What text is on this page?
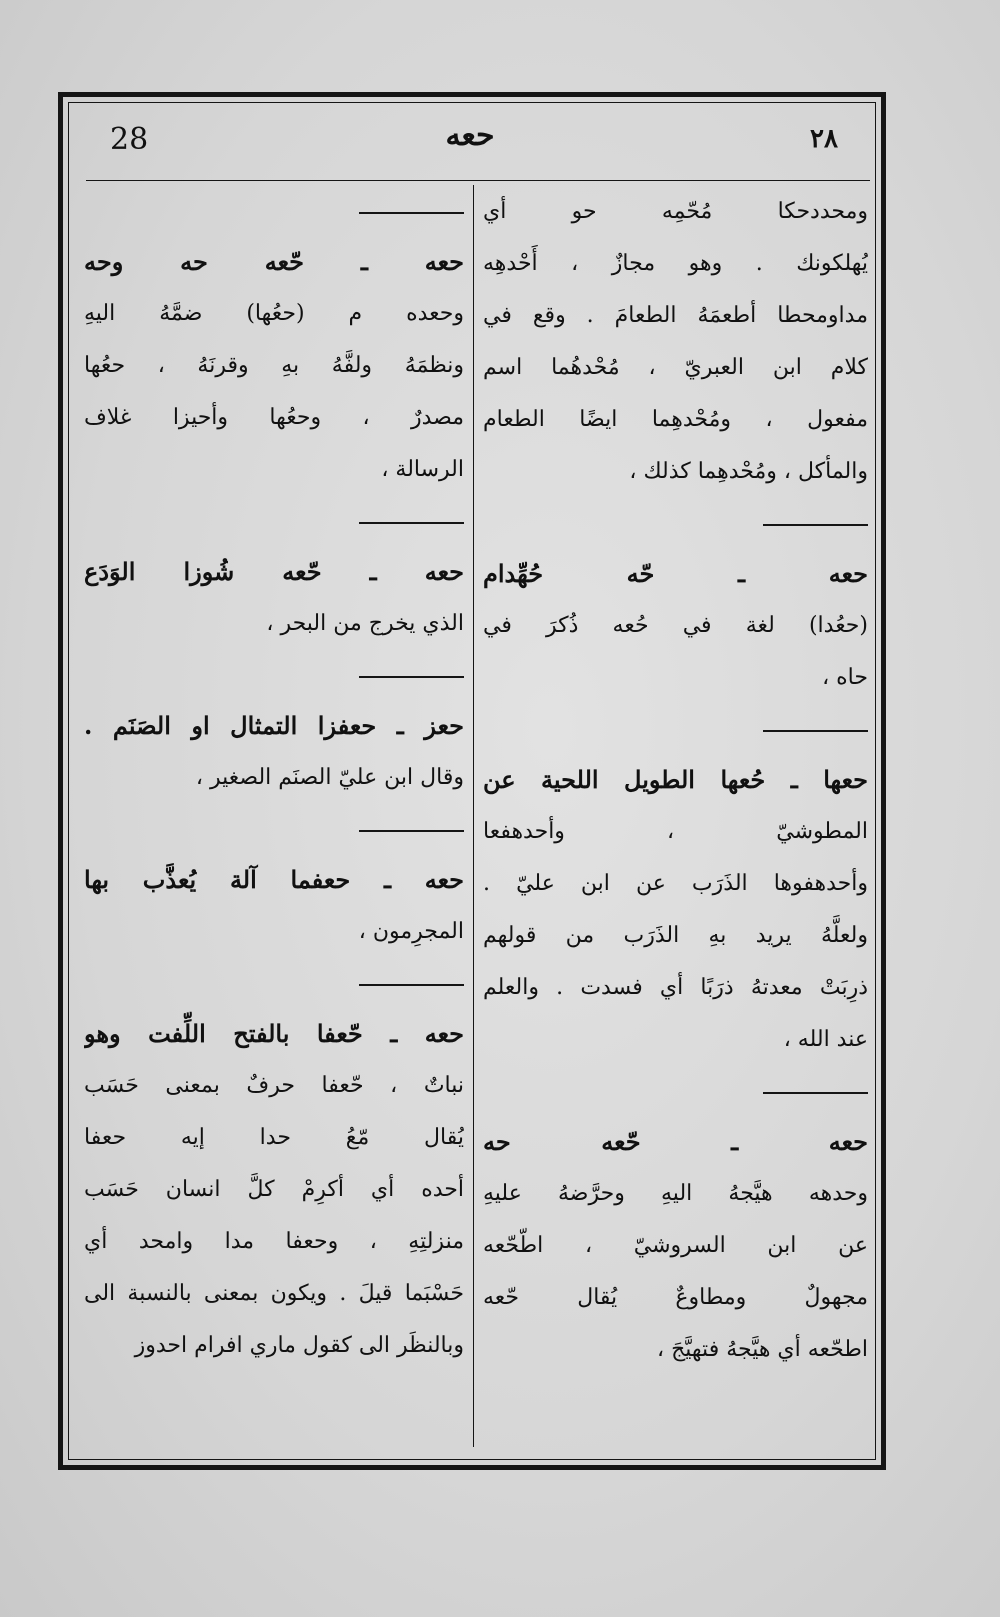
28	حعه	٢٨
ومحددحكا مُحّمِه حو أي
يُهلكونك . وهو مجازٌ ، أَحْدهِه
مداومحطا أطعمَهُ الطعامَ . وقع في
كلام ابن العبريّ ، مُحْدهُما اسم
مفعول ، ومُحْدهِما ايضًا الطعام
والمأكل ، ومُحْدهِما كذلك ،
حعه ـ حّه حُهِّدام
(حعُدا) لغة في حُعه ذُكرَ في
حاه ،
حعها ـ حُعها الطويل اللحية عن
المطوشيّ ، وأحدهفعا
وأحدهفوها الذَرَب عن ابن عليّ .
ولعلَّهُ يريد بهِ الذَرَب من قولهم
ذرِبَتْ معدتهُ ذرَبًا أي فسدت . والعلم
عند الله ،
حعه ـ حّعه حه
وحدهه هيَّجهُ اليهِ وحرَّضهُ عليهِ
عن ابن السروشيّ ، اطّحّعه
مجهولٌ ومطاوعٌ يُقال حّعه
اطحّعه أي هيَّجهُ فتهيَّجَ ،
حعه ـ حّعه حه وحه
وحعده م (حعُها) ضمَّهُ اليهِ
ونظمَهُ ولفَّهُ بهِ وقرنَهُ ، حعُها
مصدرٌ ، وحعُها وأحيزا غلاف
الرسالة ،
حعه ـ حّعه شُوزا الوَدَع
الذي يخرج من البحر ،
حعز ـ حعفزا التمثال او الصَنَم .
وقال ابن عليّ الصنَم الصغير ،
حعه ـ حعفما آلة يُعذَّب بها
المجرِمون ،
حعه ـ حّعفا بالفتح اللِّفت وهو
نباتٌ ، حّعفا حرفٌ بمعنى حَسَب
يُقال مّعُ حدا إيه حعفا
أحده أي أكرِمْ كلَّ انسان حَسَب
منزلتِهِ ، وحعفا مدا وامحد أي
حَسْبَما قيلَ . ويكون بمعنى بالنسبة الى
وبالنظَر الى كقول ماري افرام احدوز
